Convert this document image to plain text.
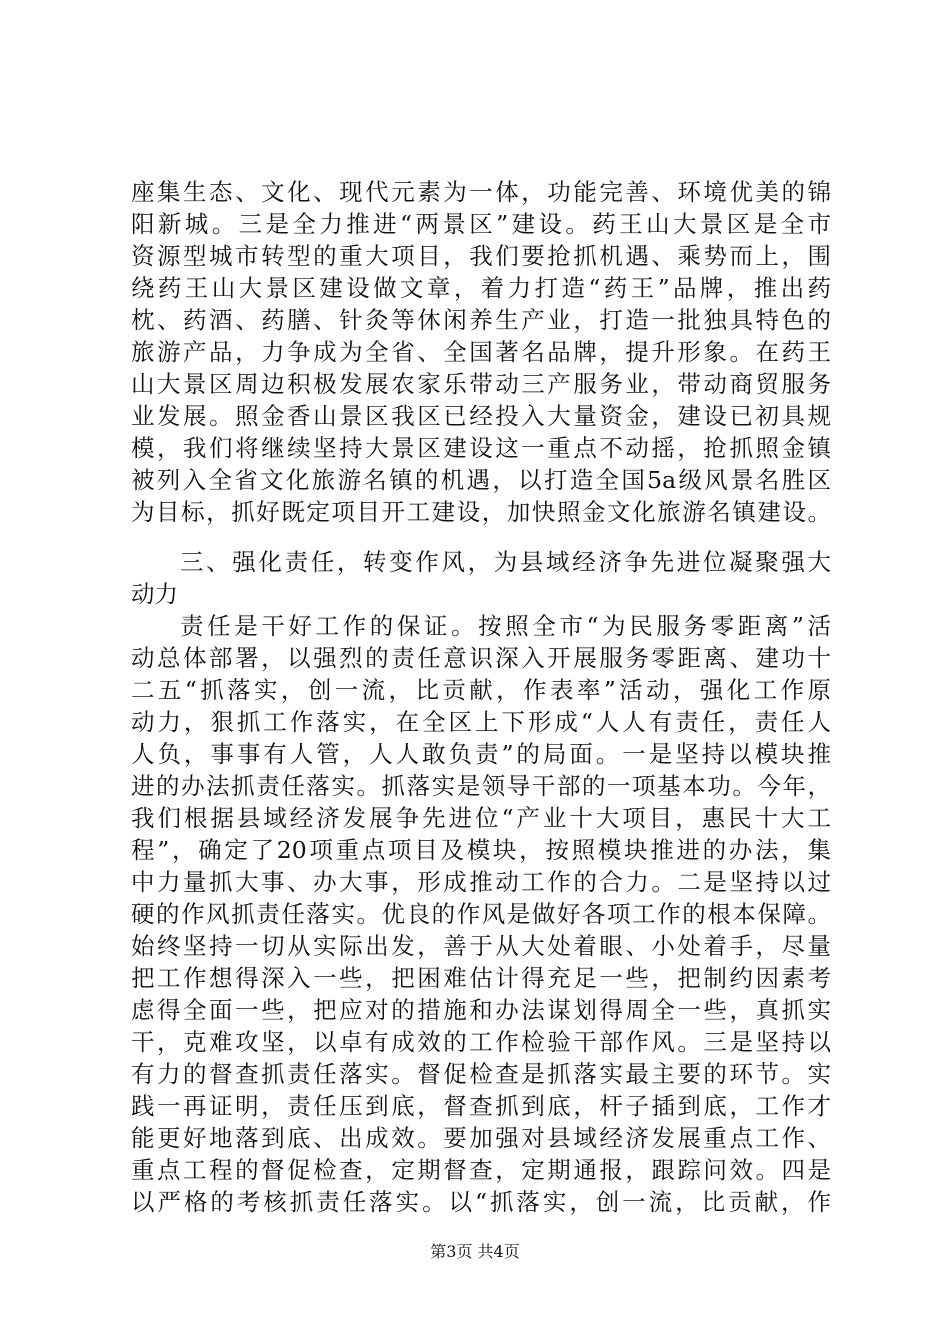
座集生态、文化、现代元素为一体，功能完善、环境优美的锦
阳新城。三是全力推进“两景区”建设。药王山大景区是全市
资源型城市转型的重大项目，我们要抢抓机遇、乘势而上，围
绕药王山大景区建设做文章，着力打造“药王”品牌，推出药
枕、药酒、药膳、针灸等休闲养生产业，打造一批独具特色的
旅游产品，力争成为全省、全国著名品牌，提升形象。在药王
山大景区周边积极发展农家乐带动三产服务业，带动商贸服务
业发展。照金香山景区我区已经投入大量资金，建设已初具规
模，我们将继续坚持大景区建设这一重点不动摇，抢抓照金镇
被列入全省文化旅游名镇的机遇，以打造全国5a级风景名胜区
为目标，抓好既定项目开工建设，加快照金文化旅游名镇建设。
三、强化责任，转变作风，为县域经济争先进位凝聚强大
动力
责任是干好工作的保证。按照全市“为民服务零距离”活
动总体部署，以强烈的责任意识深入开展服务零距离、建功十
二五“抓落实，创一流，比贡献，作表率”活动，强化工作原
动力，狠抓工作落实，在全区上下形成“人人有责任，责任人
人负，事事有人管，人人敢负责”的局面。一是坚持以模块推
进的办法抓责任落实。抓落实是领导干部的一项基本功。今年，
我们根据县域经济发展争先进位“产业十大项目，惠民十大工
程”，确定了20项重点项目及模块，按照模块推进的办法，集
中力量抓大事、办大事，形成推动工作的合力。二是坚持以过
硬的作风抓责任落实。优良的作风是做好各项工作的根本保障。
始终坚持一切从实际出发，善于从大处着眼、小处着手，尽量
把工作想得深入一些，把困难估计得充足一些，把制约因素考
虑得全面一些，把应对的措施和办法谋划得周全一些，真抓实
干，克难攻坚，以卓有成效的工作检验干部作风。三是坚持以
有力的督查抓责任落实。督促检查是抓落实最主要的环节。实
践一再证明，责任压到底，督查抓到底，杆子插到底，工作才
能更好地落到底、出成效。要加强对县域经济发展重点工作、
重点工程的督促检查，定期督查，定期通报，跟踪问效。四是
以严格的考核抓责任落实。以“抓落实，创一流，比贡献，作
第3页 共4页
